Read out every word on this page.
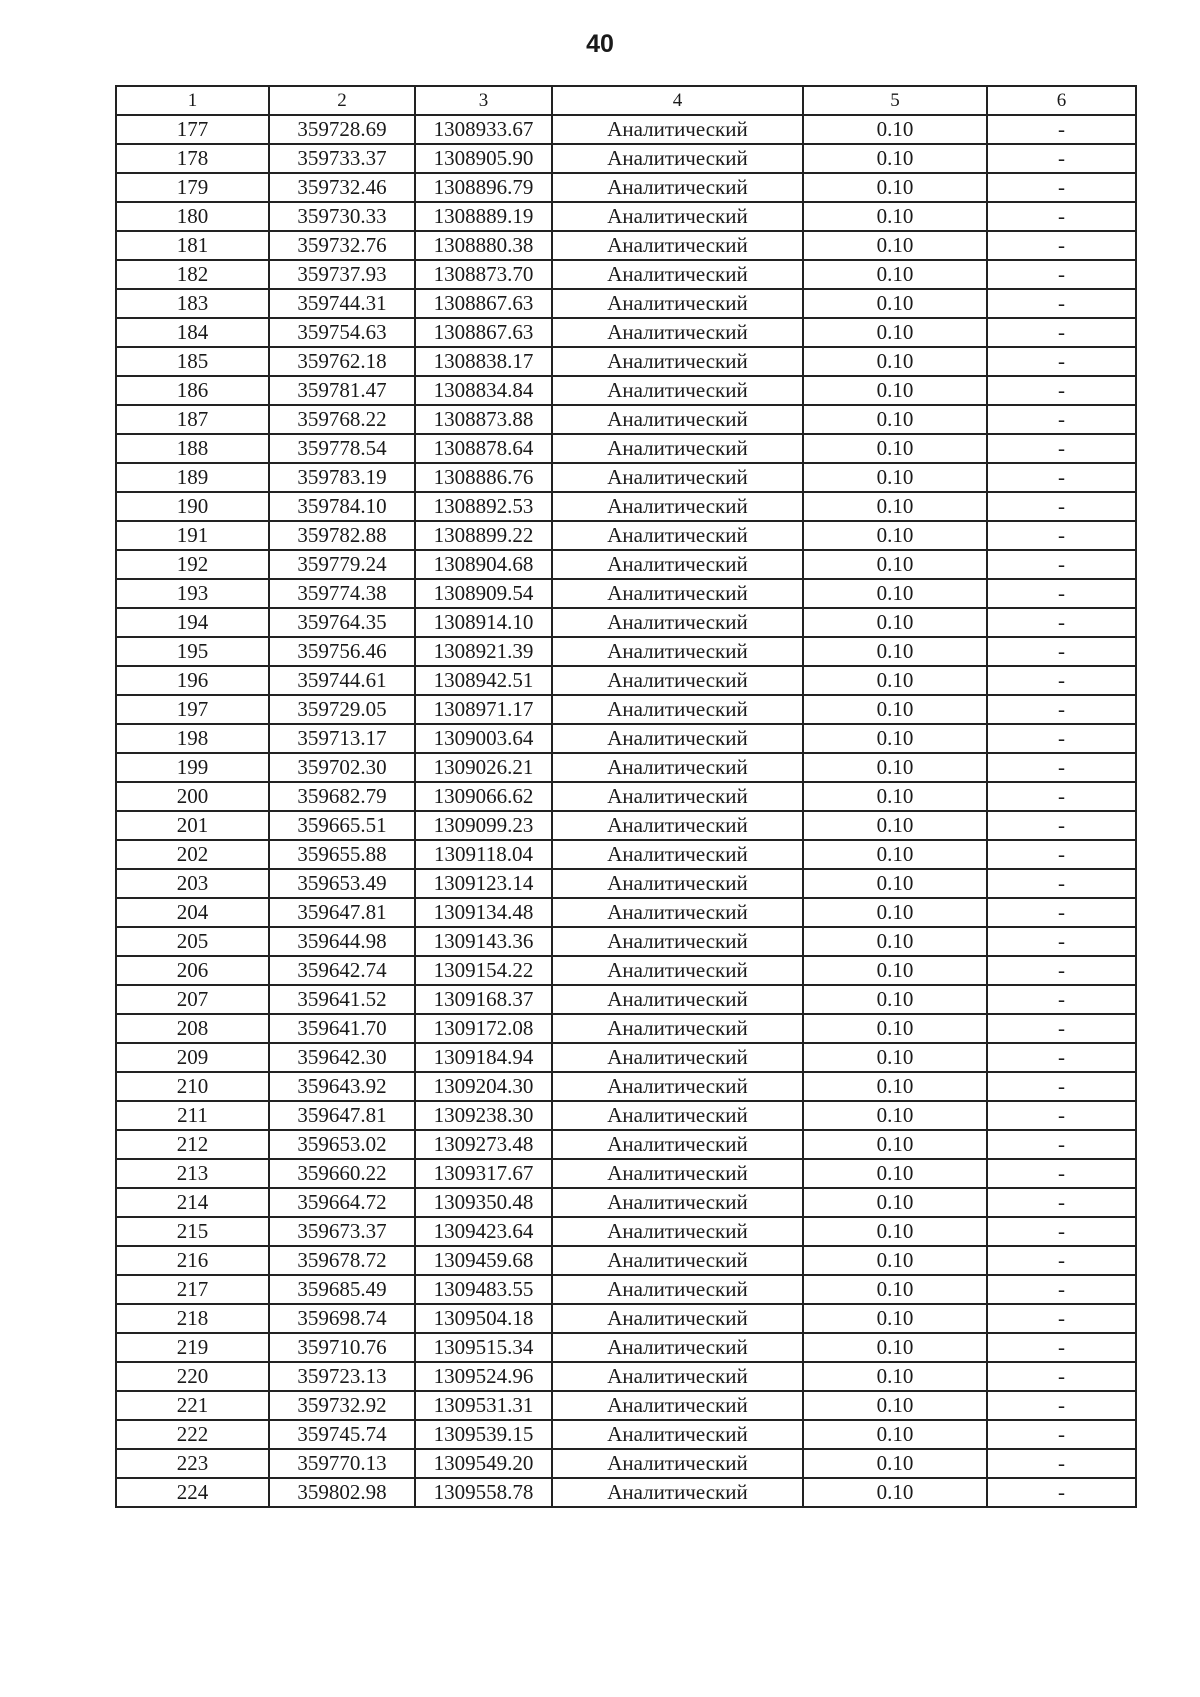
40
1	2	3	4	5	6
177	359728.69	1308933.67	Аналитический	0.10	-
178	359733.37	1308905.90	Аналитический	0.10	-
179	359732.46	1308896.79	Аналитический	0.10	-
180	359730.33	1308889.19	Аналитический	0.10	-
181	359732.76	1308880.38	Аналитический	0.10	-
182	359737.93	1308873.70	Аналитический	0.10	-
183	359744.31	1308867.63	Аналитический	0.10	-
184	359754.63	1308867.63	Аналитический	0.10	-
185	359762.18	1308838.17	Аналитический	0.10	-
186	359781.47	1308834.84	Аналитический	0.10	-
187	359768.22	1308873.88	Аналитический	0.10	-
188	359778.54	1308878.64	Аналитический	0.10	-
189	359783.19	1308886.76	Аналитический	0.10	-
190	359784.10	1308892.53	Аналитический	0.10	-
191	359782.88	1308899.22	Аналитический	0.10	-
192	359779.24	1308904.68	Аналитический	0.10	-
193	359774.38	1308909.54	Аналитический	0.10	-
194	359764.35	1308914.10	Аналитический	0.10	-
195	359756.46	1308921.39	Аналитический	0.10	-
196	359744.61	1308942.51	Аналитический	0.10	-
197	359729.05	1308971.17	Аналитический	0.10	-
198	359713.17	1309003.64	Аналитический	0.10	-
199	359702.30	1309026.21	Аналитический	0.10	-
200	359682.79	1309066.62	Аналитический	0.10	-
201	359665.51	1309099.23	Аналитический	0.10	-
202	359655.88	1309118.04	Аналитический	0.10	-
203	359653.49	1309123.14	Аналитический	0.10	-
204	359647.81	1309134.48	Аналитический	0.10	-
205	359644.98	1309143.36	Аналитический	0.10	-
206	359642.74	1309154.22	Аналитический	0.10	-
207	359641.52	1309168.37	Аналитический	0.10	-
208	359641.70	1309172.08	Аналитический	0.10	-
209	359642.30	1309184.94	Аналитический	0.10	-
210	359643.92	1309204.30	Аналитический	0.10	-
211	359647.81	1309238.30	Аналитический	0.10	-
212	359653.02	1309273.48	Аналитический	0.10	-
213	359660.22	1309317.67	Аналитический	0.10	-
214	359664.72	1309350.48	Аналитический	0.10	-
215	359673.37	1309423.64	Аналитический	0.10	-
216	359678.72	1309459.68	Аналитический	0.10	-
217	359685.49	1309483.55	Аналитический	0.10	-
218	359698.74	1309504.18	Аналитический	0.10	-
219	359710.76	1309515.34	Аналитический	0.10	-
220	359723.13	1309524.96	Аналитический	0.10	-
221	359732.92	1309531.31	Аналитический	0.10	-
222	359745.74	1309539.15	Аналитический	0.10	-
223	359770.13	1309549.20	Аналитический	0.10	-
224	359802.98	1309558.78	Аналитический	0.10	-
